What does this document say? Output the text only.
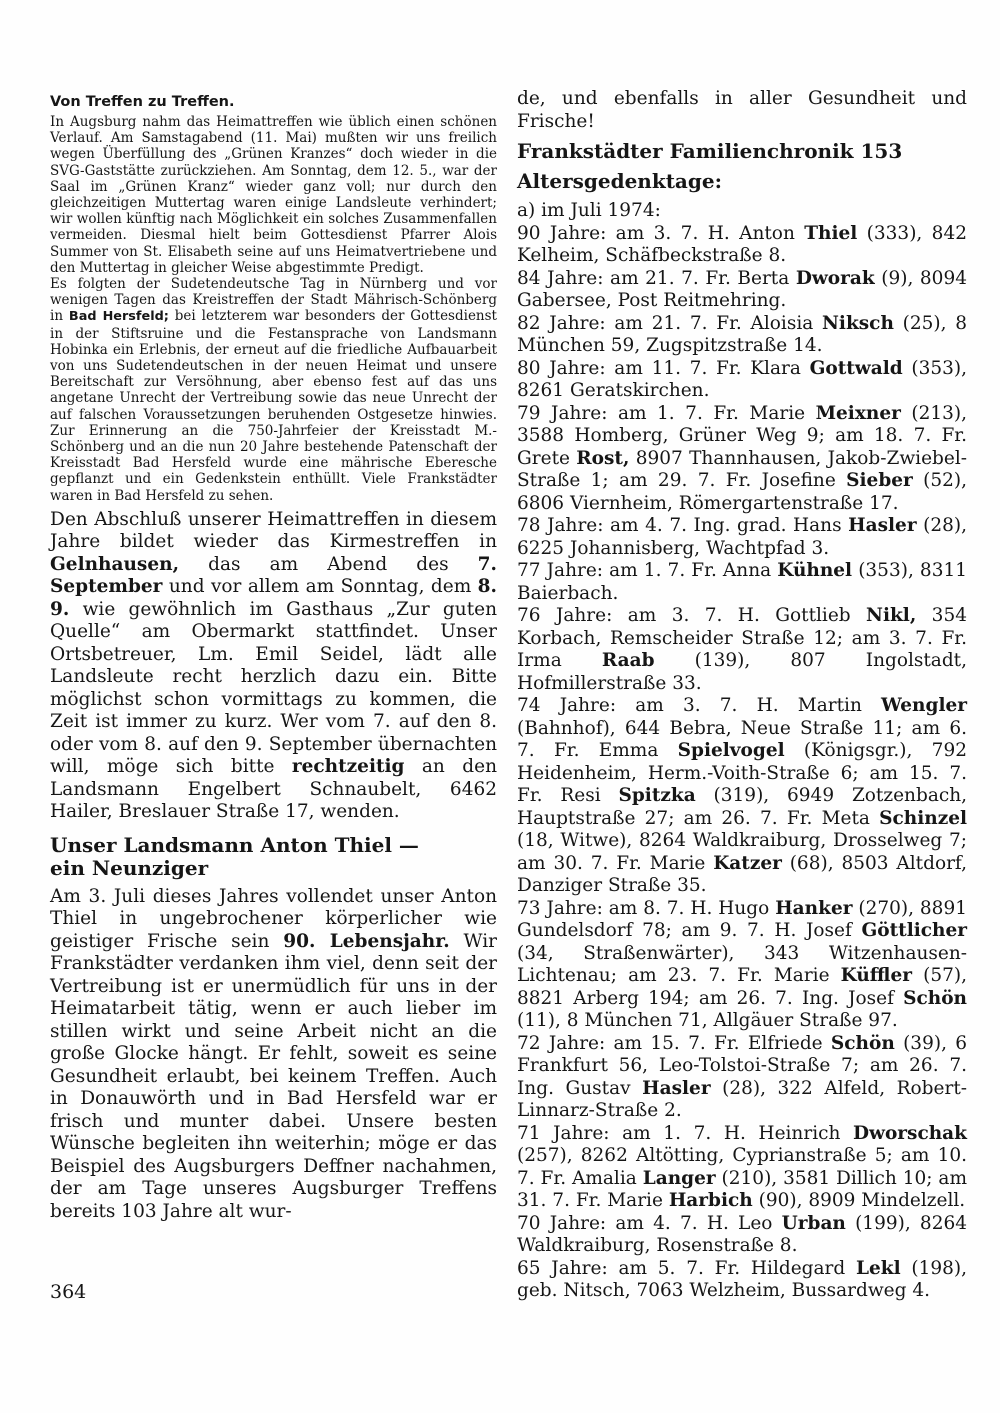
Von Treffen zu Treffen.

In Augsburg nahm das Heimattreffen wie üblich einen schönen Verlauf. Am Samstagabend (11. Mai) mußten wir uns freilich wegen Überfüllung des „Grünen Kranzes“ doch wieder in die SVG-Gaststätte zurückziehen. Am Sonntag, dem 12. 5., war der Saal im „Grünen Kranz“ wieder ganz voll; nur durch den gleichzeitigen Muttertag waren einige Landsleute verhindert; wir wollen künftig nach Möglichkeit ein solches Zusammenfallen vermeiden. Diesmal hielt beim Gottesdienst Pfarrer Alois Summer von St. Elisabeth seine auf uns Heimatvertriebene und den Muttertag in gleicher Weise abgestimmte Predigt.

Es folgten der Sudetendeutsche Tag in Nürnberg und vor wenigen Tagen das Kreistreffen der Stadt Mährisch-Schönberg in Bad Hersfeld; bei letzterem war besonders der Gottesdienst in der Stiftsruine und die Festansprache von Landsmann Hobinka ein Erlebnis, der erneut auf die friedliche Aufbauarbeit von uns Sudetendeutschen in der neuen Heimat und unsere Bereitschaft zur Versöhnung, aber ebenso fest auf das uns angetane Unrecht der Vertreibung sowie das neue Unrecht der auf falschen Voraussetzungen beruhenden Ostgesetze hinwies. Zur Erinnerung an die 750-Jahrfeier der Kreisstadt M.-Schönberg und an die nun 20 Jahre bestehende Patenschaft der Kreisstadt Bad Hersfeld wurde eine mährische Eberesche gepflanzt und ein Gedenkstein enthüllt. Viele Frankstädter waren in Bad Hersfeld zu sehen.

Den Abschluß unserer Heimattreffen in diesem Jahre bildet wieder das Kirmestreffen in Gelnhausen, das am Abend des 7. September und vor allem am Sonntag, dem 8. 9. wie gewöhnlich im Gasthaus „Zur guten Quelle“ am Obermarkt stattfindet. Unser Ortsbetreuer, Lm. Emil Seidel, lädt alle Landsleute recht herzlich dazu ein. Bitte möglichst schon vormittags zu kommen, die Zeit ist immer zu kurz. Wer vom 7. auf den 8. oder vom 8. auf den 9. September übernachten will, möge sich bitte rechtzeitig an den Landsmann Engelbert Schnaubelt, 6462 Hailer, Breslauer Straße 17, wenden.

Unser Landsmann Anton Thiel —
ein Neunziger

Am 3. Juli dieses Jahres vollendet unser Anton Thiel in ungebrochener körperlicher wie geistiger Frische sein 90. Lebensjahr. Wir Frankstädter verdanken ihm viel, denn seit der Vertreibung ist er unermüdlich für uns in der Heimatarbeit tätig, wenn er auch lieber im stillen wirkt und seine Arbeit nicht an die große Glocke hängt. Er fehlt, soweit es seine Gesundheit erlaubt, bei keinem Treffen. Auch in Donauwörth und in Bad Hersfeld war er frisch und munter dabei. Unsere besten Wünsche begleiten ihn weiterhin; möge er das Beispiel des Augsburgers Deffner nachahmen, der am Tage unseres Augsburger Treffens bereits 103 Jahre alt wur-

de, und ebenfalls in aller Gesundheit und Frische!

Frankstädter Familienchronik 153
Altersgedenktage:

a) im Juli 1974:

90 Jahre: am 3. 7. H. Anton Thiel (333), 842 Kelheim, Schäfbeckstraße 8.

84 Jahre: am 21. 7. Fr. Berta Dworak (9), 8094 Gabersee, Post Reitmehring.

82 Jahre: am 21. 7. Fr. Aloisia Niksch (25), 8 München 59, Zugspitzstraße 14.

80 Jahre: am 11. 7. Fr. Klara Gottwald (353), 8261 Geratskirchen.

79 Jahre: am 1. 7. Fr. Marie Meixner (213), 3588 Homberg, Grüner Weg 9; am 18. 7. Fr. Grete Rost, 8907 Thannhausen, Jakob-Zwiebel-Straße 1; am 29. 7. Fr. Josefine Sieber (52), 6806 Viernheim, Römergartenstraße 17.

78 Jahre: am 4. 7. Ing. grad. Hans Hasler (28), 6225 Johannisberg, Wachtpfad 3.

77 Jahre: am 1. 7. Fr. Anna Kühnel (353), 8311 Baierbach.

76 Jahre: am 3. 7. H. Gottlieb Nikl, 354 Korbach, Remscheider Straße 12; am 3. 7. Fr. Irma Raab (139), 807 Ingolstadt, Hofmillerstraße 33.

74 Jahre: am 3. 7. H. Martin Wengler (Bahnhof), 644 Bebra, Neue Straße 11; am 6. 7. Fr. Emma Spielvogel (Königsgr.), 792 Heidenheim, Herm.-Voith-Straße 6; am 15. 7. Fr. Resi Spitzka (319), 6949 Zotzenbach, Hauptstraße 27; am 26. 7. Fr. Meta Schinzel (18, Witwe), 8264 Waldkraiburg, Drosselweg 7; am 30. 7. Fr. Marie Katzer (68), 8503 Altdorf, Danziger Straße 35.

73 Jahre: am 8. 7. H. Hugo Hanker (270), 8891 Gundelsdorf 78; am 9. 7. H. Josef Göttlicher (34, Straßenwärter), 343 Witzenhausen-Lichtenau; am 23. 7. Fr. Marie Küffler (57), 8821 Arberg 194; am 26. 7. Ing. Josef Schön (11), 8 München 71, Allgäuer Straße 97.

72 Jahre: am 15. 7. Fr. Elfriede Schön (39), 6 Frankfurt 56, Leo-Tolstoi-Straße 7; am 26. 7. Ing. Gustav Hasler (28), 322 Alfeld, Robert-Linnarz-Straße 2.

71 Jahre: am 1. 7. H. Heinrich Dworschak (257), 8262 Altötting, Cyprianstraße 5; am 10. 7. Fr. Amalia Langer (210), 3581 Dillich 10; am 31. 7. Fr. Marie Harbich (90), 8909 Mindelzell.

70 Jahre: am 4. 7. H. Leo Urban (199), 8264 Waldkraiburg, Rosenstraße 8.

65 Jahre: am 5. 7. Fr. Hildegard Lekl (198), geb. Nitsch, 7063 Welzheim, Bussardweg 4.

364
